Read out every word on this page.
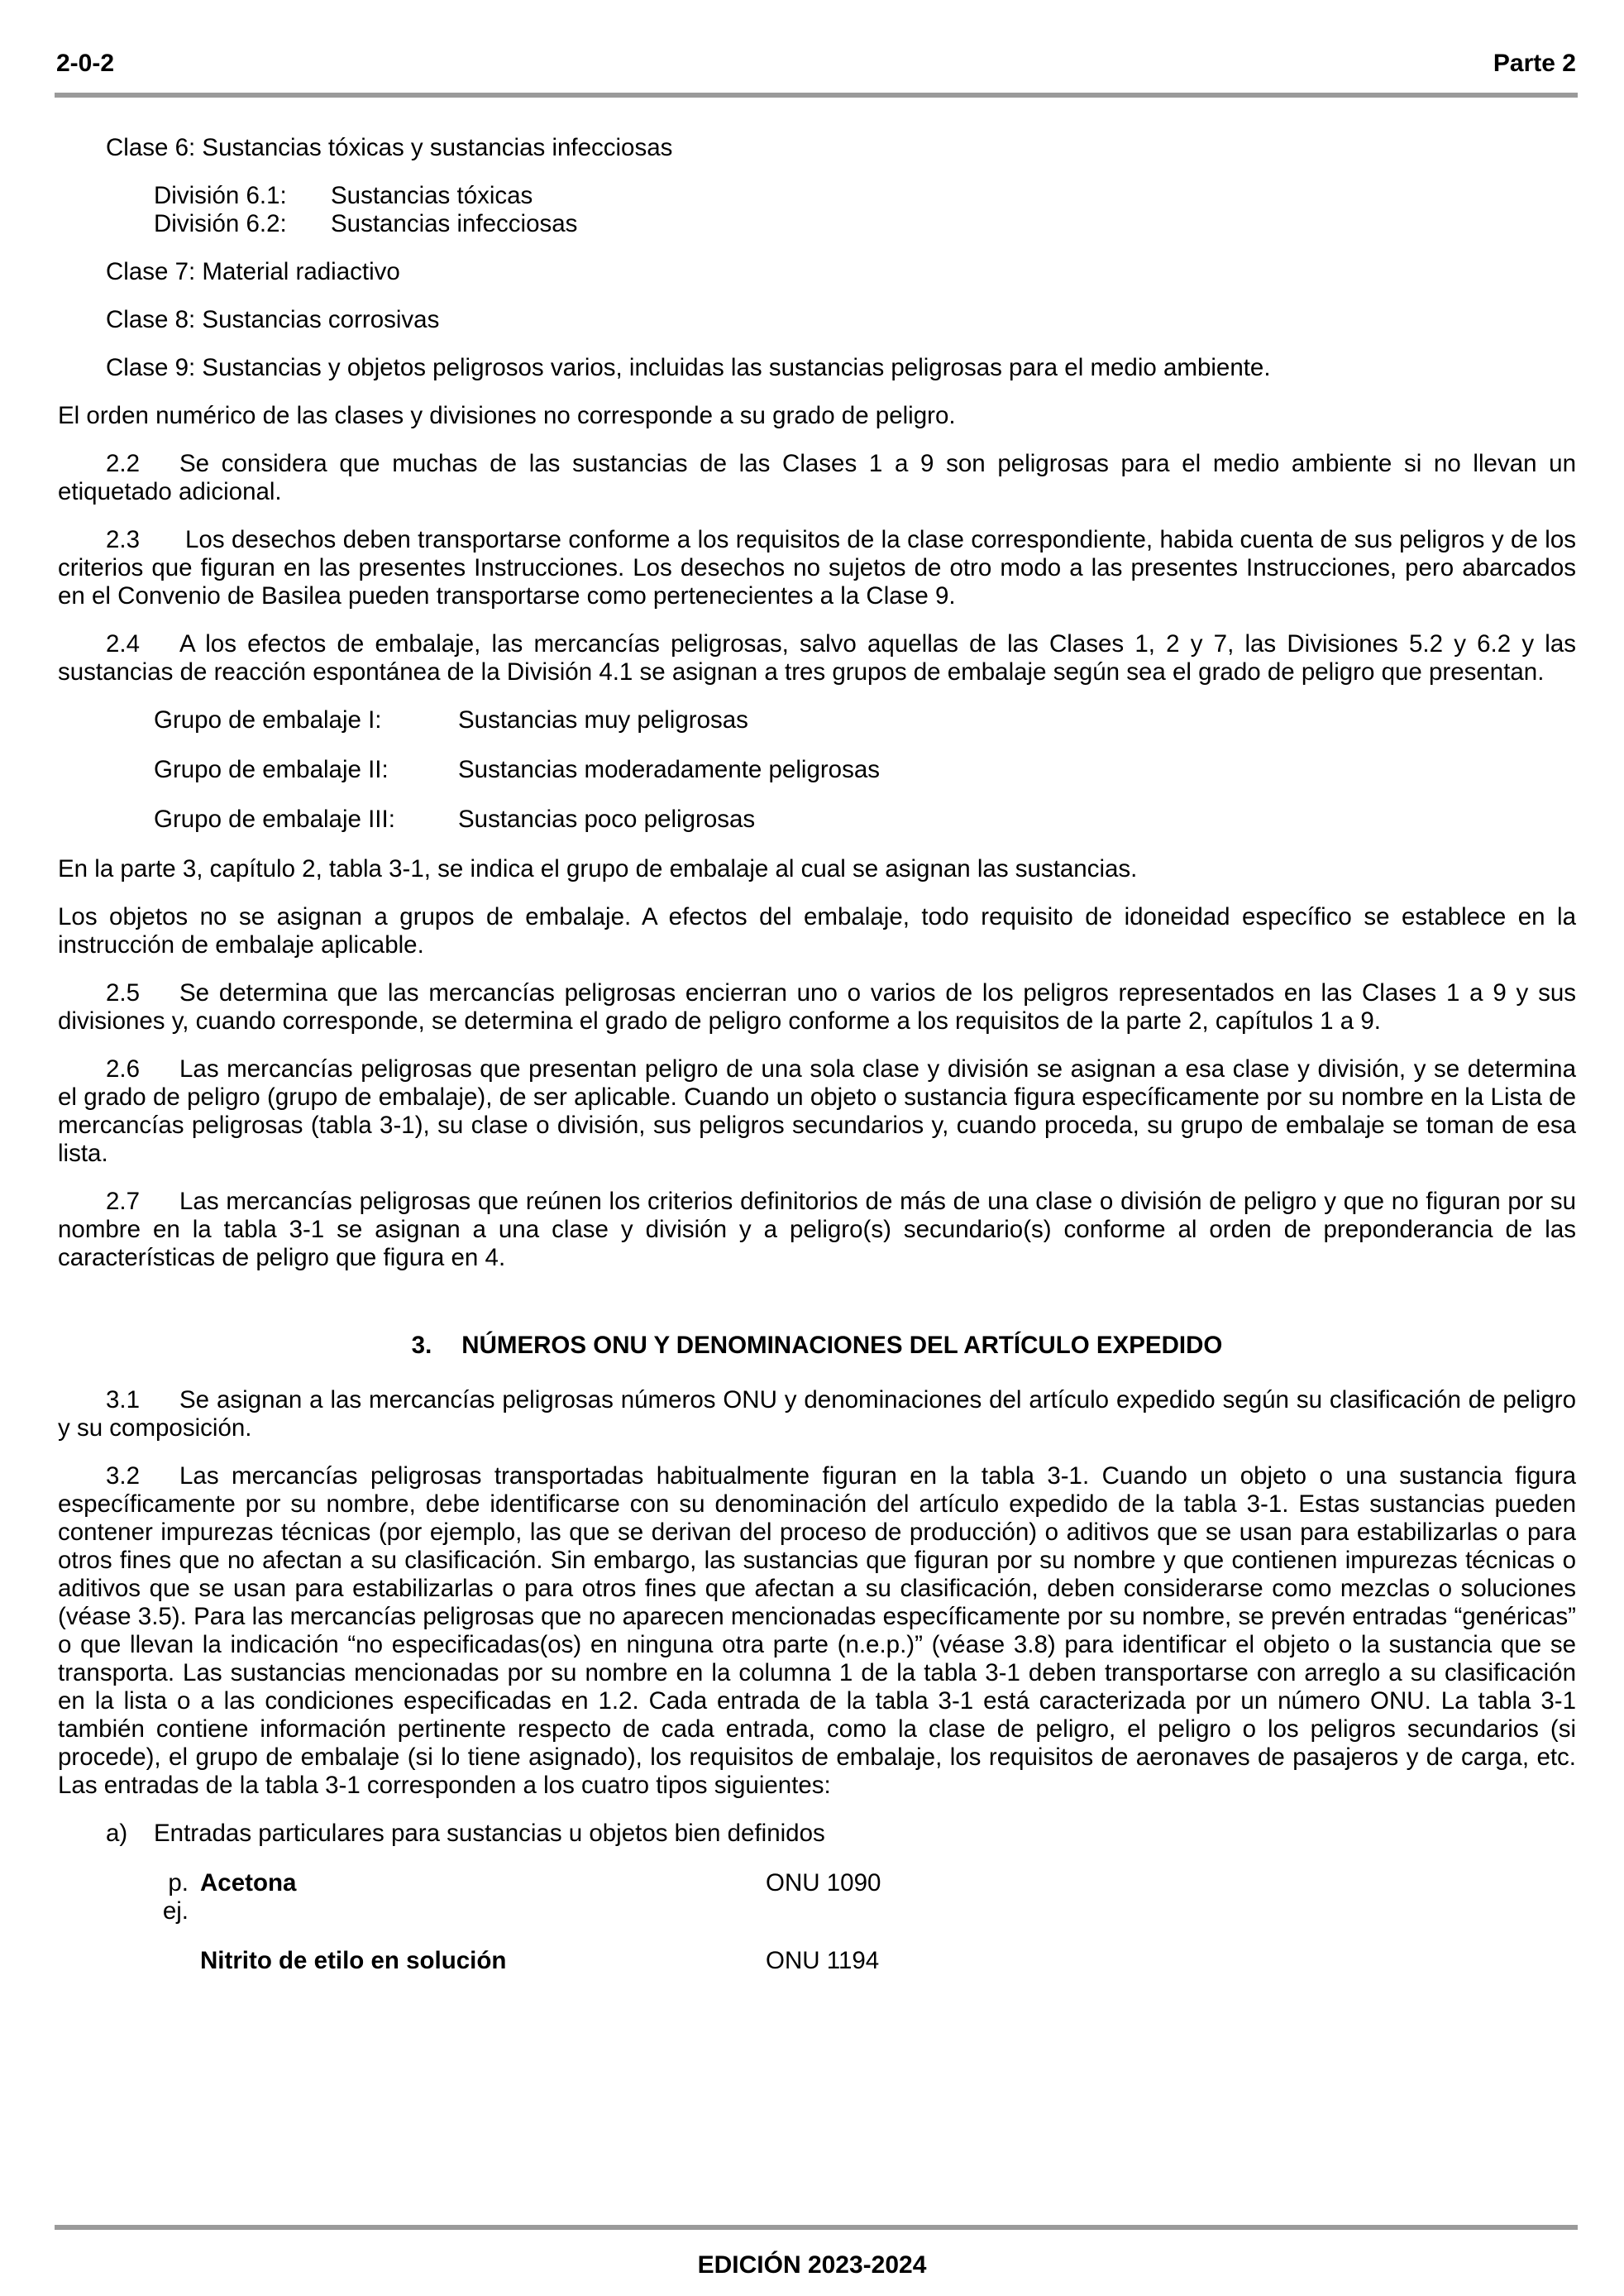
2-0-2	Parte 2

Clase 6: Sustancias tóxicas y sustancias infecciosas

División 6.1:	Sustancias tóxicas
División 6.2:	Sustancias infecciosas

Clase 7: Material radiactivo

Clase 8: Sustancias corrosivas

Clase 9: Sustancias y objetos peligrosos varios, incluidas las sustancias peligrosas para el medio ambiente.

El orden numérico de las clases y divisiones no corresponde a su grado de peligro.

2.2 Se considera que muchas de las sustancias de las Clases 1 a 9 son peligrosas para el medio ambiente si no llevan un etiquetado adicional.

2.3 Los desechos deben transportarse conforme a los requisitos de la clase correspondiente, habida cuenta de sus peligros y de los criterios que figuran en las presentes Instrucciones. Los desechos no sujetos de otro modo a las presentes Instrucciones, pero abarcados en el Convenio de Basilea pueden transportarse como pertenecientes a la Clase 9.

2.4 A los efectos de embalaje, las mercancías peligrosas, salvo aquellas de las Clases 1, 2 y 7, las Divisiones 5.2 y 6.2 y las sustancias de reacción espontánea de la División 4.1 se asignan a tres grupos de embalaje según sea el grado de peligro que presentan.

Grupo de embalaje I:	Sustancias muy peligrosas
Grupo de embalaje II:	Sustancias moderadamente peligrosas
Grupo de embalaje III:	Sustancias poco peligrosas

En la parte 3, capítulo 2, tabla 3-1, se indica el grupo de embalaje al cual se asignan las sustancias.

Los objetos no se asignan a grupos de embalaje. A efectos del embalaje, todo requisito de idoneidad específico se establece en la instrucción de embalaje aplicable.

2.5 Se determina que las mercancías peligrosas encierran uno o varios de los peligros representados en las Clases 1 a 9 y sus divisiones y, cuando corresponde, se determina el grado de peligro conforme a los requisitos de la parte 2, capítulos 1 a 9.

2.6 Las mercancías peligrosas que presentan peligro de una sola clase y división se asignan a esa clase y división, y se determina el grado de peligro (grupo de embalaje), de ser aplicable. Cuando un objeto o sustancia figura específicamente por su nombre en la Lista de mercancías peligrosas (tabla 3-1), su clase o división, sus peligros secundarios y, cuando proceda, su grupo de embalaje se toman de esa lista.

2.7 Las mercancías peligrosas que reúnen los criterios definitorios de más de una clase o división de peligro y que no figuran por su nombre en la tabla 3-1 se asignan a una clase y división y a peligro(s) secundario(s) conforme al orden de preponderancia de las características de peligro que figura en 4.

3. NÚMEROS ONU Y DENOMINACIONES DEL ARTÍCULO EXPEDIDO

3.1 Se asignan a las mercancías peligrosas números ONU y denominaciones del artículo expedido según su clasificación de peligro y su composición.

3.2 Las mercancías peligrosas transportadas habitualmente figuran en la tabla 3-1. Cuando un objeto o una sustancia figura específicamente por su nombre, debe identificarse con su denominación del artículo expedido de la tabla 3-1. Estas sustancias pueden contener impurezas técnicas (por ejemplo, las que se derivan del proceso de producción) o aditivos que se usan para estabilizarlas o para otros fines que no afectan a su clasificación. Sin embargo, las sustancias que figuran por su nombre y que contienen impurezas técnicas o aditivos que se usan para estabilizarlas o para otros fines que afectan a su clasificación, deben considerarse como mezclas o soluciones (véase 3.5). Para las mercancías peligrosas que no aparecen mencionadas específicamente por su nombre, se prevén entradas “genéricas” o que llevan la indicación “no especificadas(os) en ninguna otra parte (n.e.p.)” (véase 3.8) para identificar el objeto o la sustancia que se transporta. Las sustancias mencionadas por su nombre en la columna 1 de la tabla 3-1 deben transportarse con arreglo a su clasificación en la lista o a las condiciones especificadas en 1.2. Cada entrada de la tabla 3-1 está caracterizada por un número ONU. La tabla 3-1 también contiene información pertinente respecto de cada entrada, como la clase de peligro, el peligro o los peligros secundarios (si procede), el grupo de embalaje (si lo tiene asignado), los requisitos de embalaje, los requisitos de aeronaves de pasajeros y de carga, etc. Las entradas de la tabla 3-1 corresponden a los cuatro tipos siguientes:

a)	Entradas particulares para sustancias u objetos bien definidos
p. ej.
Acetona	ONU 1090
Nitrito de etilo en solución	ONU 1194
EDICIÓN 2023-2024
